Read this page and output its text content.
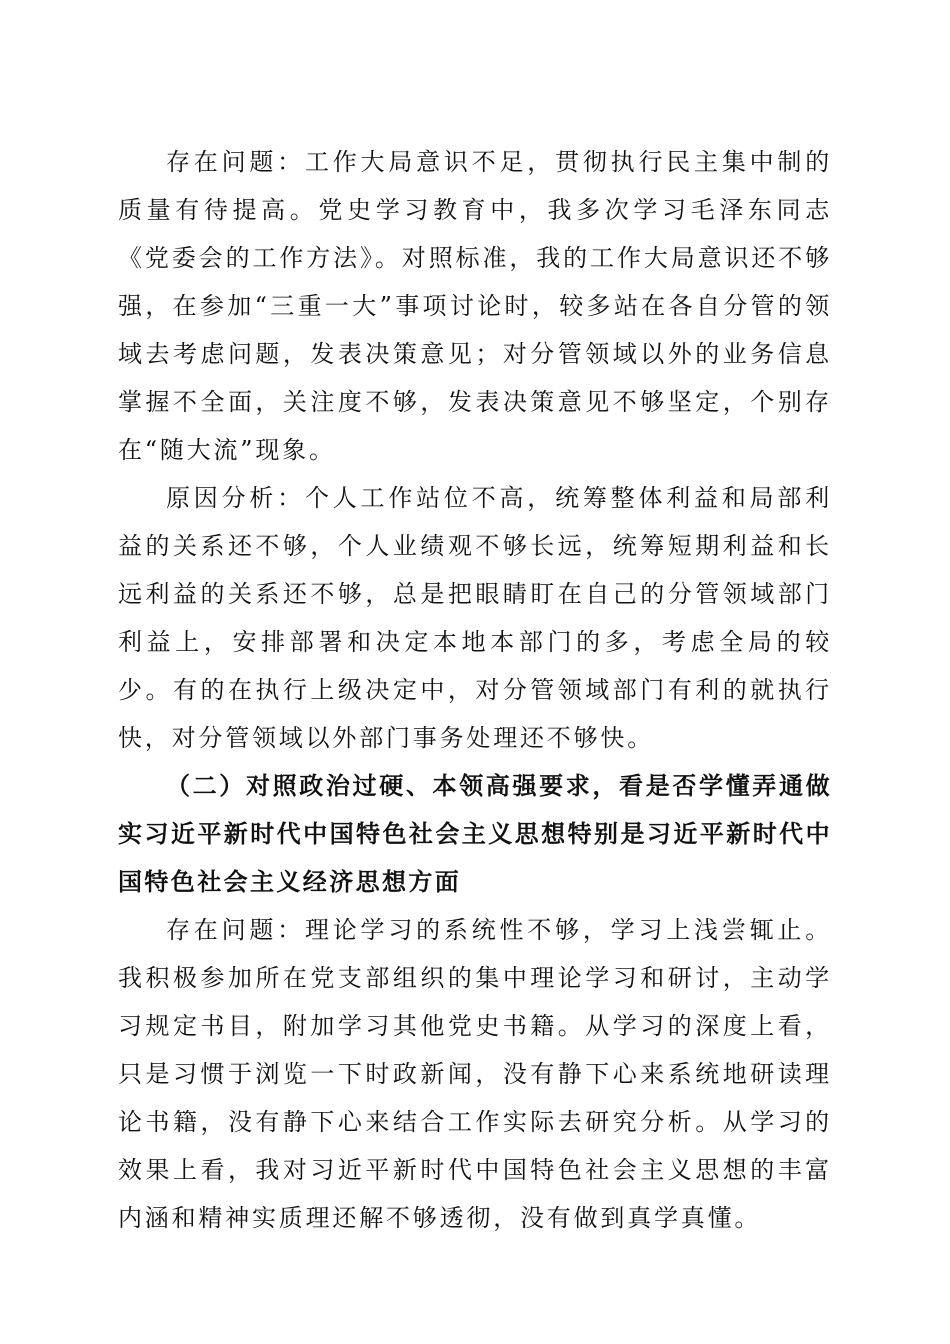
存在问题：工作大局意识不足，贯彻执行民主集中制的质量有待提高。党史学习教育中，我多次学习毛泽东同志《党委会的工作方法》。对照标准，我的工作大局意识还不够强，在参加“三重一大”事项讨论时，较多站在各自分管的领域去考虑问题，发表决策意见；对分管领域以外的业务信息掌握不全面，关注度不够，发表决策意见不够坚定，个别存在“随大流”现象。

原因分析：个人工作站位不高，统筹整体利益和局部利益的关系还不够，个人业绩观不够长远，统筹短期利益和长远利益的关系还不够，总是把眼睛盯在自己的分管领域部门利益上，安排部署和决定本地本部门的多，考虑全局的较少。有的在执行上级决定中，对分管领域部门有利的就执行快，对分管领域以外部门事务处理还不够快。

（二）对照政治过硬、本领高强要求，看是否学懂弄通做实习近平新时代中国特色社会主义思想特别是习近平新时代中国特色社会主义经济思想方面

存在问题：理论学习的系统性不够，学习上浅尝辄止。我积极参加所在党支部组织的集中理论学习和研讨，主动学习规定书目，附加学习其他党史书籍。从学习的深度上看，只是习惯于浏览一下时政新闻，没有静下心来系统地研读理论书籍，没有静下心来结合工作实际去研究分析。从学习的效果上看，我对习近平新时代中国特色社会主义思想的丰富内涵和精神实质理还解不够透彻，没有做到真学真懂。
